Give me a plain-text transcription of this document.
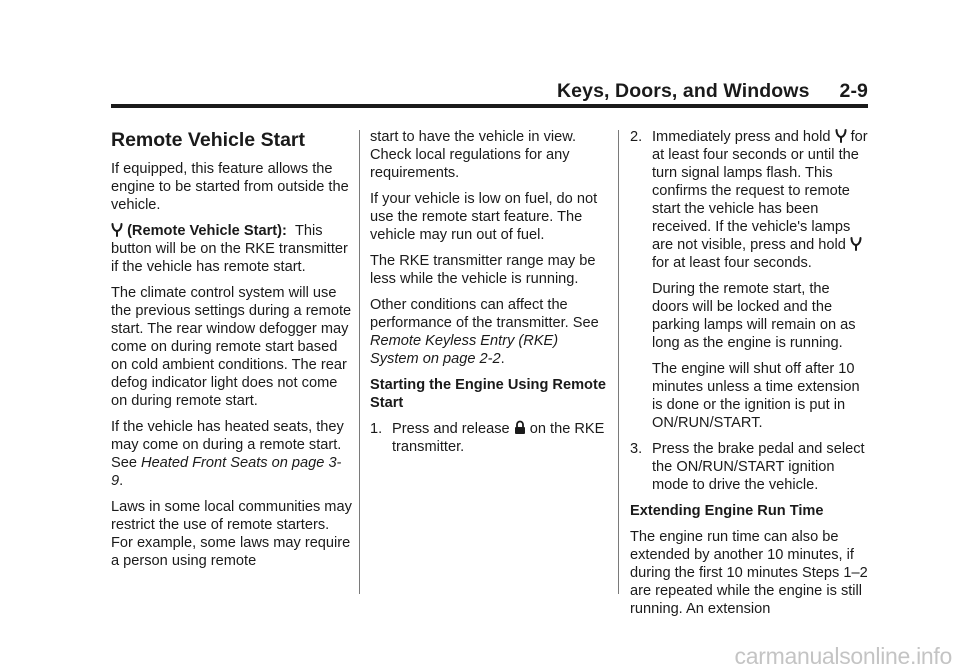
Keys, Doors, and Windows 2-9
Remote Vehicle Start

If equipped, this feature allows the engine to be started from outside the vehicle.

(Remote Vehicle Start): This button will be on the RKE transmitter if the vehicle has remote start.

The climate control system will use the previous settings during a remote start. The rear window defogger may come on during remote start based on cold ambient conditions. The rear defog indicator light does not come on during remote start.

If the vehicle has heated seats, they may come on during a remote start. See Heated Front Seats on page 3-9.

Laws in some local communities may restrict the use of remote starters. For example, some laws may require a person using remote

start to have the vehicle in view. Check local regulations for any requirements.

If your vehicle is low on fuel, do not use the remote start feature. The vehicle may run out of fuel.

The RKE transmitter range may be less while the vehicle is running.

Other conditions can affect the performance of the transmitter. See Remote Keyless Entry (RKE) System on page 2-2.

Starting the Engine Using Remote Start
1. Press and release on the RKE transmitter.

2. Immediately press and hold for at least four seconds or until the turn signal lamps flash. This confirms the request to remote start the vehicle has been received. If the vehicle's lamps are not visible, press and hold  for at least four seconds.

During the remote start, the doors will be locked and the parking lamps will remain on as long as the engine is running.

The engine will shut off after 10 minutes unless a time extension is done or the ignition is put in ON/RUN/START.

3. Press the brake pedal and select the ON/RUN/START ignition mode to drive the vehicle.

Extending Engine Run Time

The engine run time can also be extended by another 10 minutes, if during the first 10 minutes Steps 1–2 are repeated while the engine is still running. An extension

carmanualsonline.info
